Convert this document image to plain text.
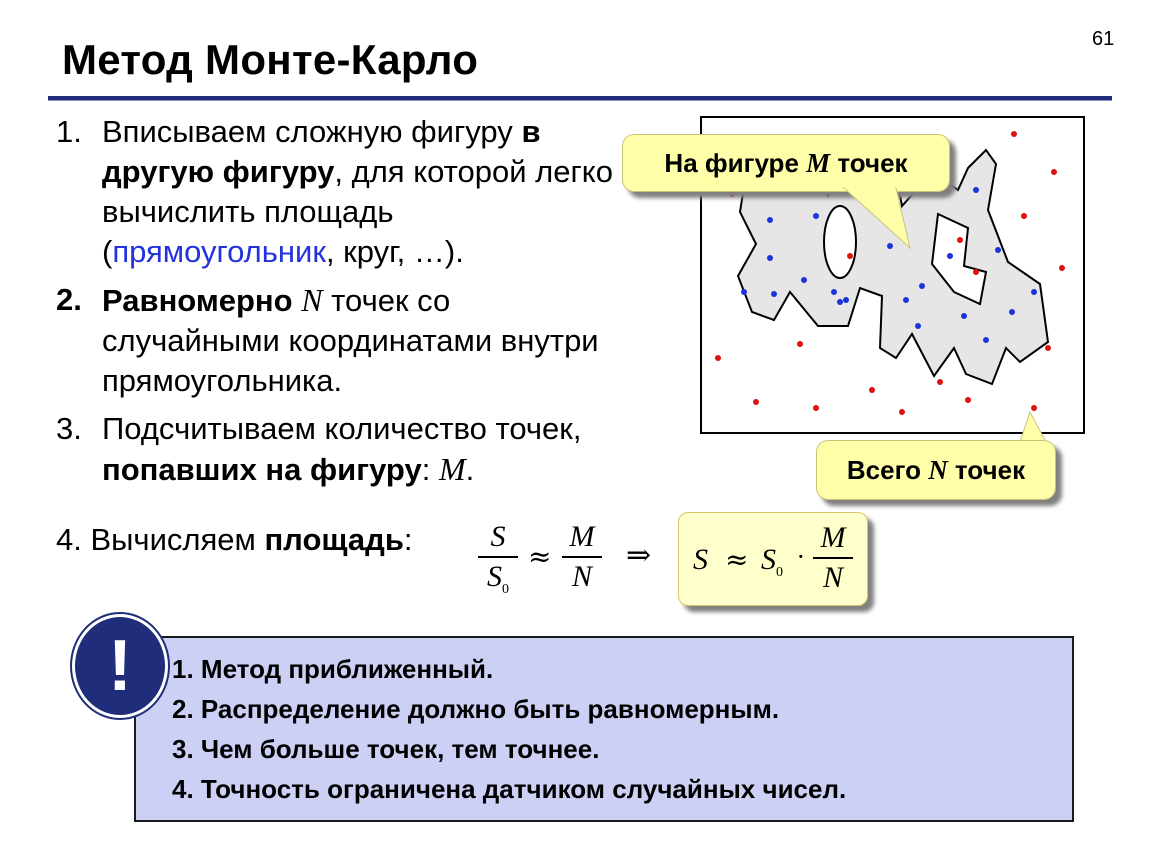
Метод Монте-Карло	61
1. Вписываем сложную фигуру в другую фигуру, для которой легко вычислить площадь (прямоугольник, круг, …).
2. Равномерно N точек со случайными координатами внутри прямоугольника.
3. Подсчитываем количество точек, попавших на фигуру: M.
4. Вычисляем площадь:	S
$S_0$
≈
M
N
⇒ $S \approx S_0$
·
M
N
На фигуре M точек
Всего N точек
1. Метод приближенный.
2. Распределение должно быть равномерным.
3. Чем больше точек, тем точнее.
4. Точность ограничена датчиком случайных чисел.
!
